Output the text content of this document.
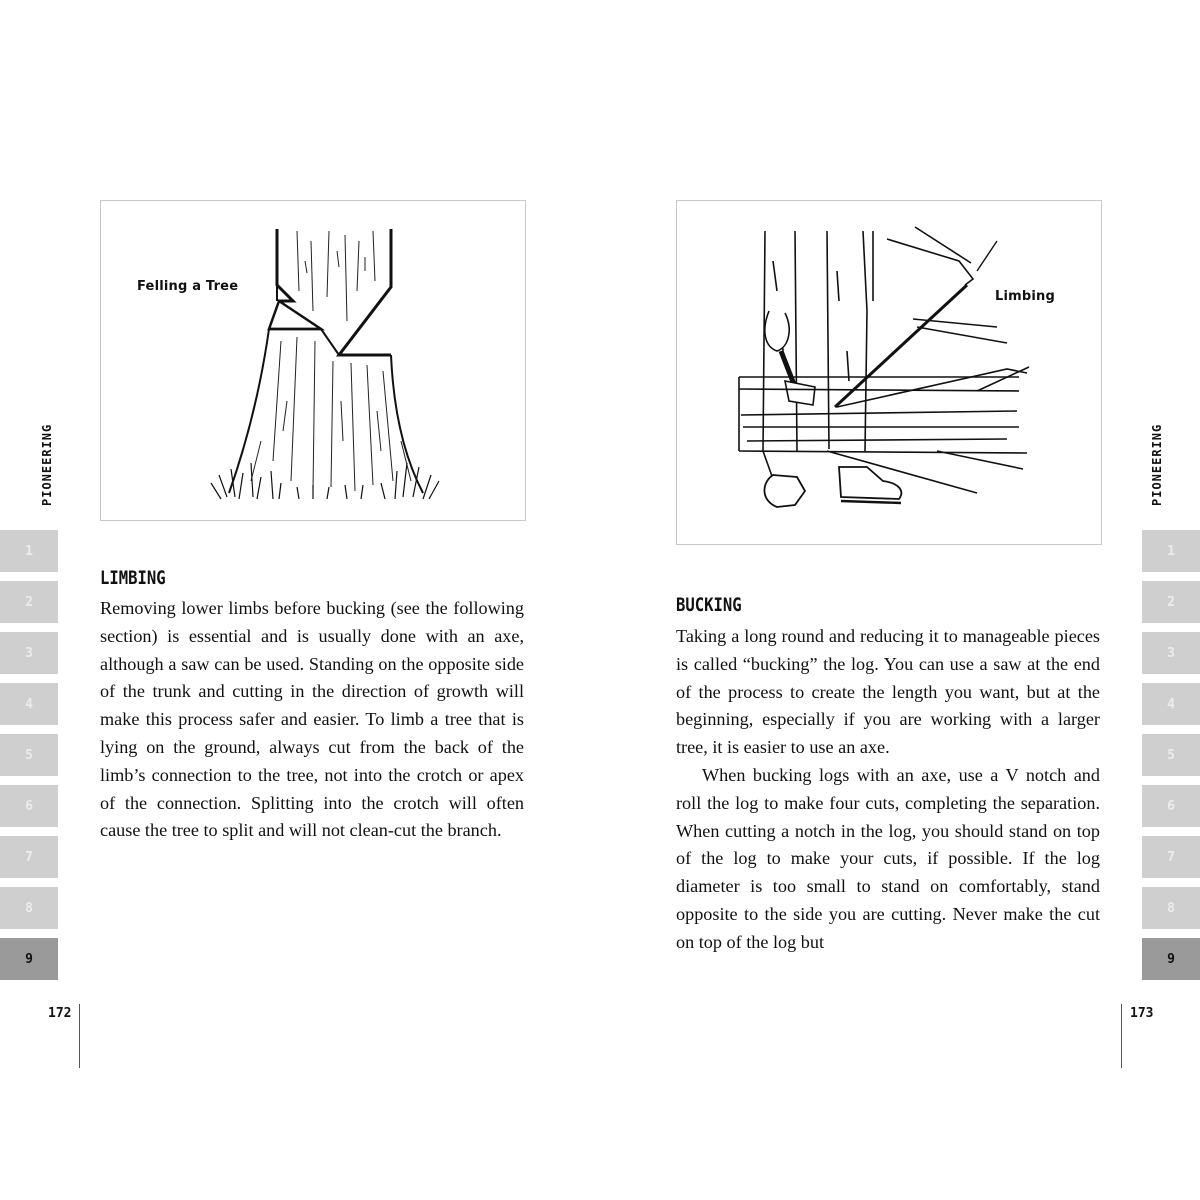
Felling a Tree
LIMBING

Removing lower limbs before bucking (see the following section) is essential and is usually done with an axe, although a saw can be used. Standing on the opposite side of the trunk and cutting in the direction of growth will make this process safer and easier. To limb a tree that is lying on the ground, always cut from the back of the limb’s connection to the tree, not into the crotch or apex of the connection. Splitting into the crotch will often cause the tree to split and will not clean-cut the branch.

PIONEERING
1
2
3
4
5
6
7
8
9
172
Limbing
BUCKING

Taking a long round and reducing it to manageable pieces is called “bucking” the log. You can use a saw at the end of the process to create the length you want, but at the beginning, especially if you are working with a larger tree, it is easier to use an axe.

When bucking logs with an axe, use a V notch and roll the log to make four cuts, completing the separation. When cutting a notch in the log, you should stand on top of the log to make your cuts, if possible. If the log diameter is too small to stand on comfortably, stand opposite to the side you are cutting. Never make the cut on top of the log but

PIONEERING
1
2
3
4
5
6
7
8
9
173
